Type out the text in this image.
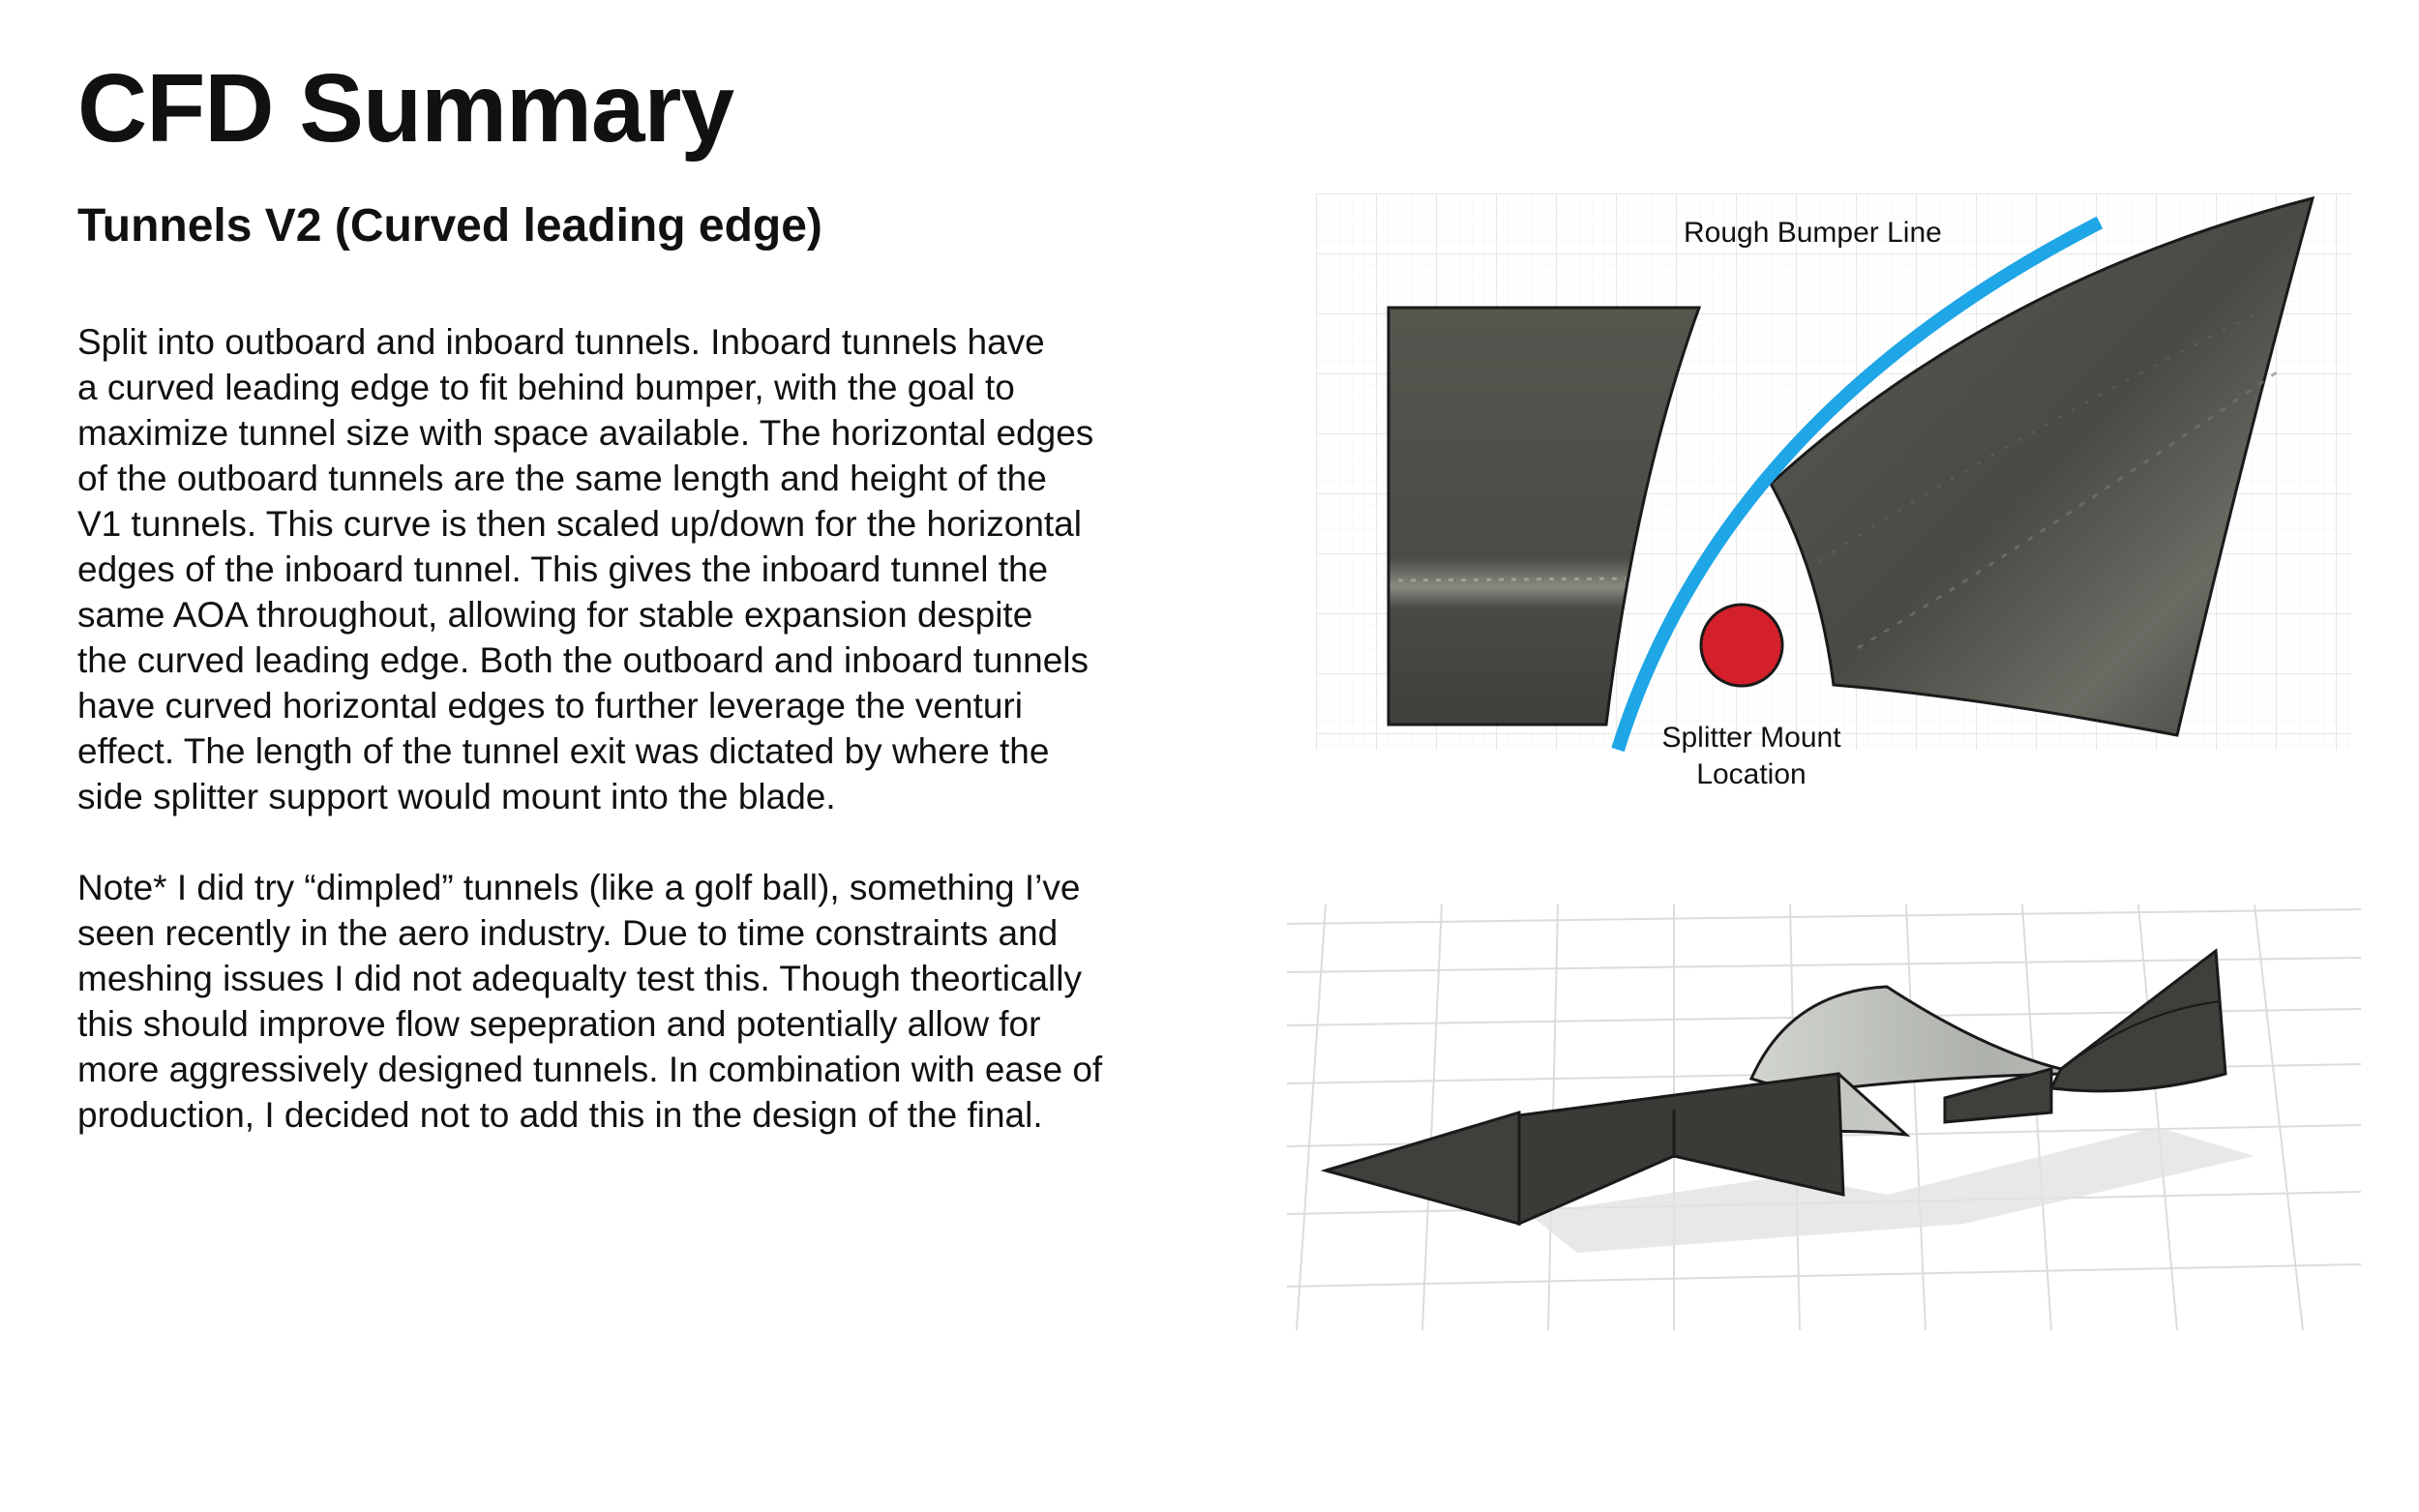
CFD Summary
Tunnels V2 (Curved leading edge)

Split into outboard and inboard tunnels. Inboard tunnels have
a curved leading edge to fit behind bumper, with the goal to
maximize tunnel size with space available. The horizontal edges
of the outboard tunnels are the same length and height of the
V1 tunnels. This curve is then scaled up/down for the horizontal
edges of the inboard tunnel. This gives the inboard tunnel the
same AOA throughout, allowing for stable expansion despite
the curved leading edge. Both the outboard and inboard tunnels
have curved horizontal edges to further leverage the venturi
effect. The length of the tunnel exit was dictated by where the
side splitter support would mount into the blade.

Note* I did try “dimpled” tunnels (like a golf ball), something I’ve
seen recently in the aero industry. Due to time constraints and
meshing issues I did not adequalty test this. Though theortically
this should improve flow sepepration and potentially allow for
more aggressively designed tunnels. In combination with ease of
production, I decided not to add this in the design of the final.

Rough Bumper Line
Splitter Mount
Location
